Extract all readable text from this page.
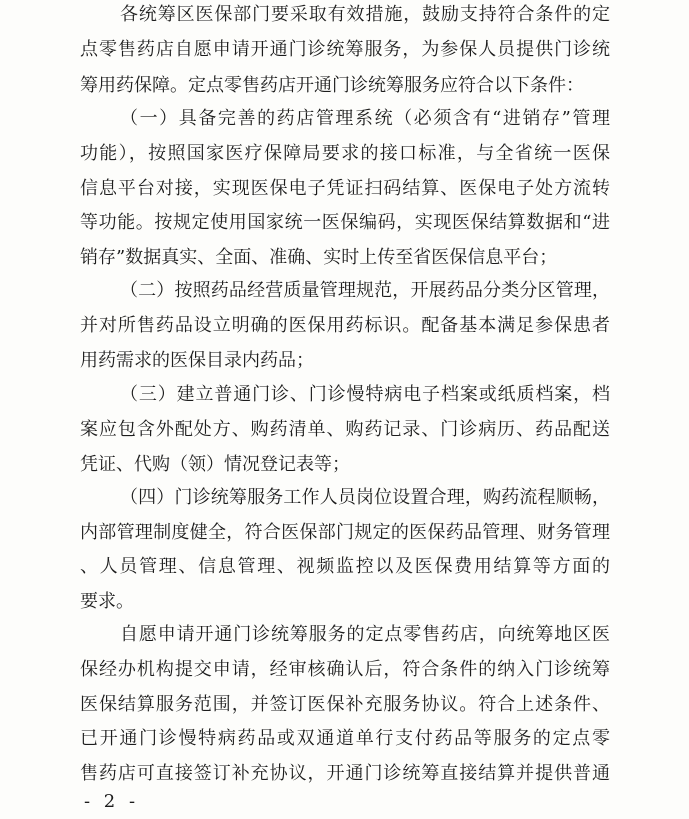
各统筹区医保部门要采取有效措施，鼓励支持符合条件的定
点零售药店自愿申请开通门诊统筹服务，为参保人员提供门诊统
筹用药保障。定点零售药店开通门诊统筹服务应符合以下条件：
（一）具备完善的药店管理系统（必须含有“进销存”管理
功能），按照国家医疗保障局要求的接口标准，与全省统一医保
信息平台对接，实现医保电子凭证扫码结算、医保电子处方流转
等功能。按规定使用国家统一医保编码，实现医保结算数据和“进
销存”数据真实、全面、准确、实时上传至省医保信息平台；
（二）按照药品经营质量管理规范，开展药品分类分区管理，
并对所售药品设立明确的医保用药标识。配备基本满足参保患者
用药需求的医保目录内药品；
（三）建立普通门诊、门诊慢特病电子档案或纸质档案，档
案应包含外配处方、购药清单、购药记录、门诊病历、药品配送
凭证、代购（领）情况登记表等；
（四）门诊统筹服务工作人员岗位设置合理，购药流程顺畅，
内部管理制度健全，符合医保部门规定的医保药品管理、财务管理
、人员管理、信息管理、视频监控以及医保费用结算等方面的
要求。
自愿申请开通门诊统筹服务的定点零售药店，向统筹地区医
保经办机构提交申请，经审核确认后，符合条件的纳入门诊统筹
医保结算服务范围，并签订医保补充服务协议。符合上述条件、
已开通门诊慢特病药品或双通道单行支付药品等服务的定点零
售药店可直接签订补充协议，开通门诊统筹直接结算并提供普通
- 2 -
